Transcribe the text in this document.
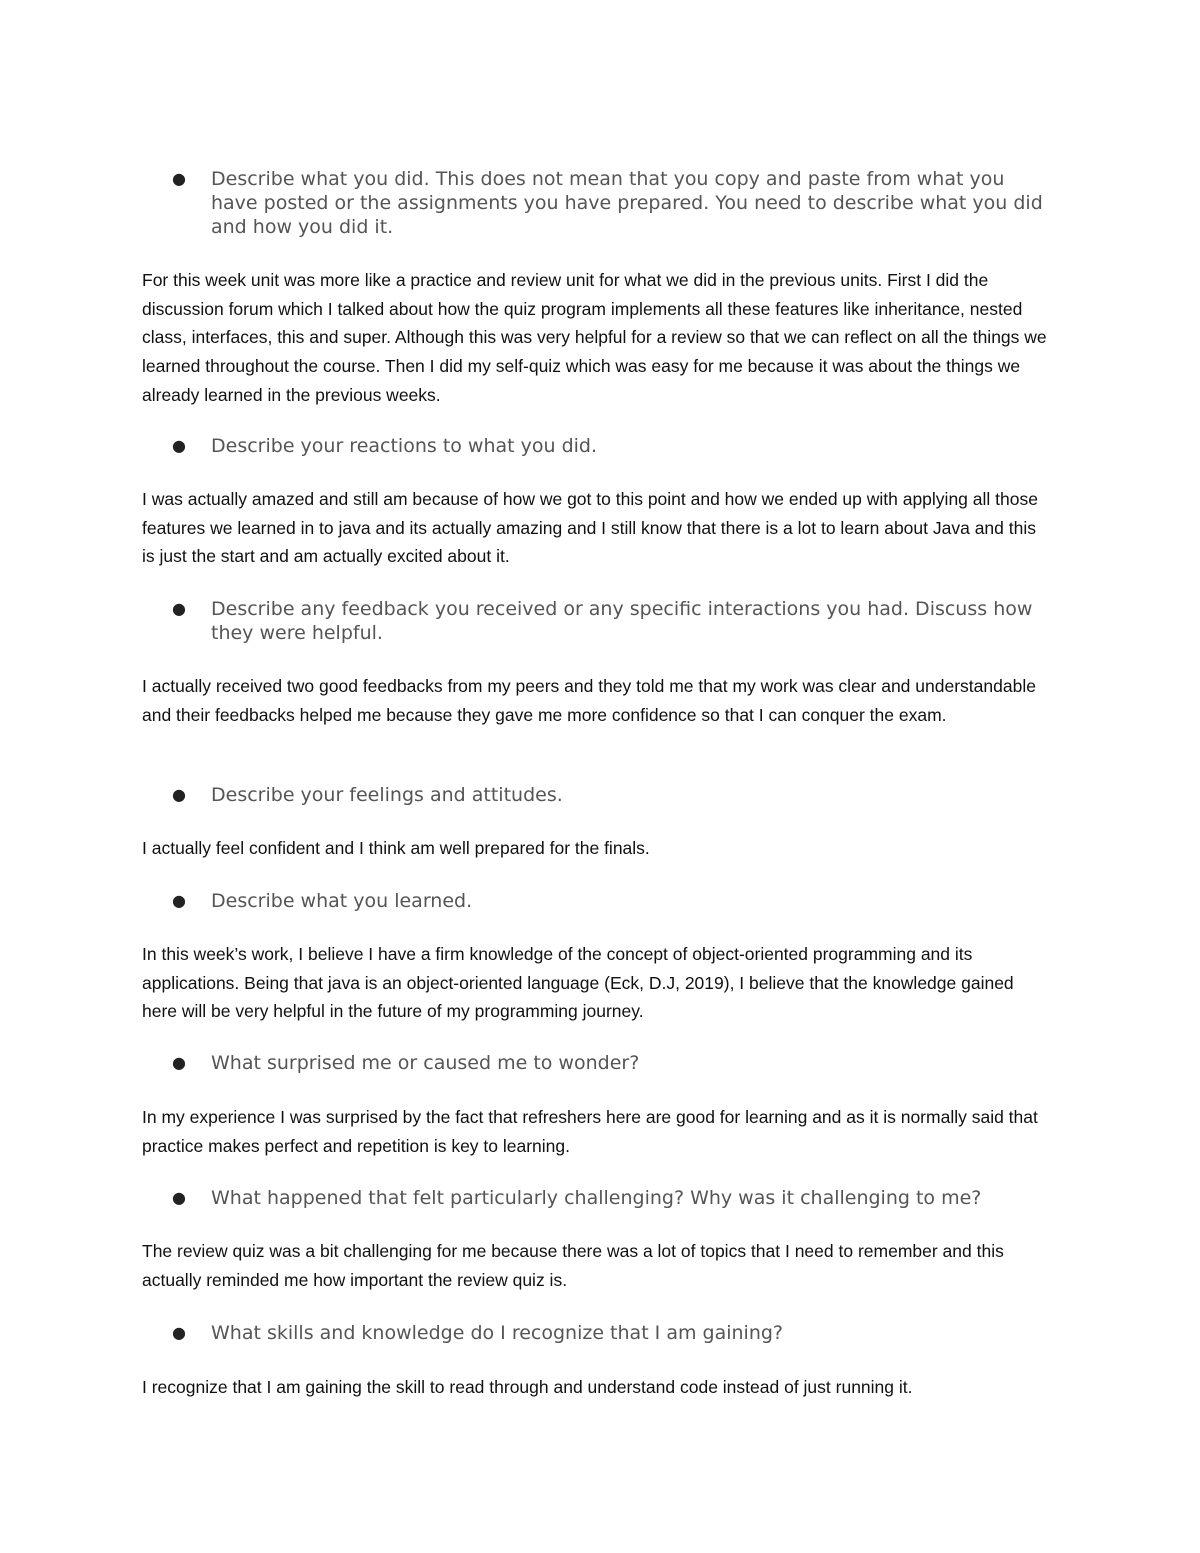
● Describe what you did. This does not mean that you copy and paste from what you have posted or the assignments you have prepared. You need to describe what you did and how you did it.
For this week unit was more like a practice and review unit for what we did in the previous units. First I did the discussion forum which I talked about how the quiz program implements all these features like inheritance, nested class, interfaces, this and super. Although this was very helpful for a review so that we can reflect on all the things we learned throughout the course. Then I did my self-quiz which was easy for me because it was about the things we already learned in the previous weeks.
● Describe your reactions to what you did.
I was actually amazed and still am because of how we got to this point and how we ended up with applying all those features we learned in to java and its actually amazing and I still know that there is a lot to learn about Java and this is just the start and am actually excited about it.
● Describe any feedback you received or any specific interactions you had. Discuss how they were helpful.
I actually received two good feedbacks from my peers and they told me that my work was clear and understandable and their feedbacks helped me because they gave me more confidence so that I can conquer the exam.
● Describe your feelings and attitudes.
I actually feel confident and I think am well prepared for the finals.
● Describe what you learned.
In this week’s work, I believe I have a firm knowledge of the concept of object-oriented programming and its applications. Being that java is an object-oriented language (Eck, D.J, 2019), I believe that the knowledge gained here will be very helpful in the future of my programming journey.
● What surprised me or caused me to wonder?
In my experience I was surprised by the fact that refreshers here are good for learning and as it is normally said that practice makes perfect and repetition is key to learning.
● What happened that felt particularly challenging? Why was it challenging to me?
The review quiz was a bit challenging for me because there was a lot of topics that I need to remember and this actually reminded me how important the review quiz is.
● What skills and knowledge do I recognize that I am gaining?
I recognize that I am gaining the skill to read through and understand code instead of just running it.
